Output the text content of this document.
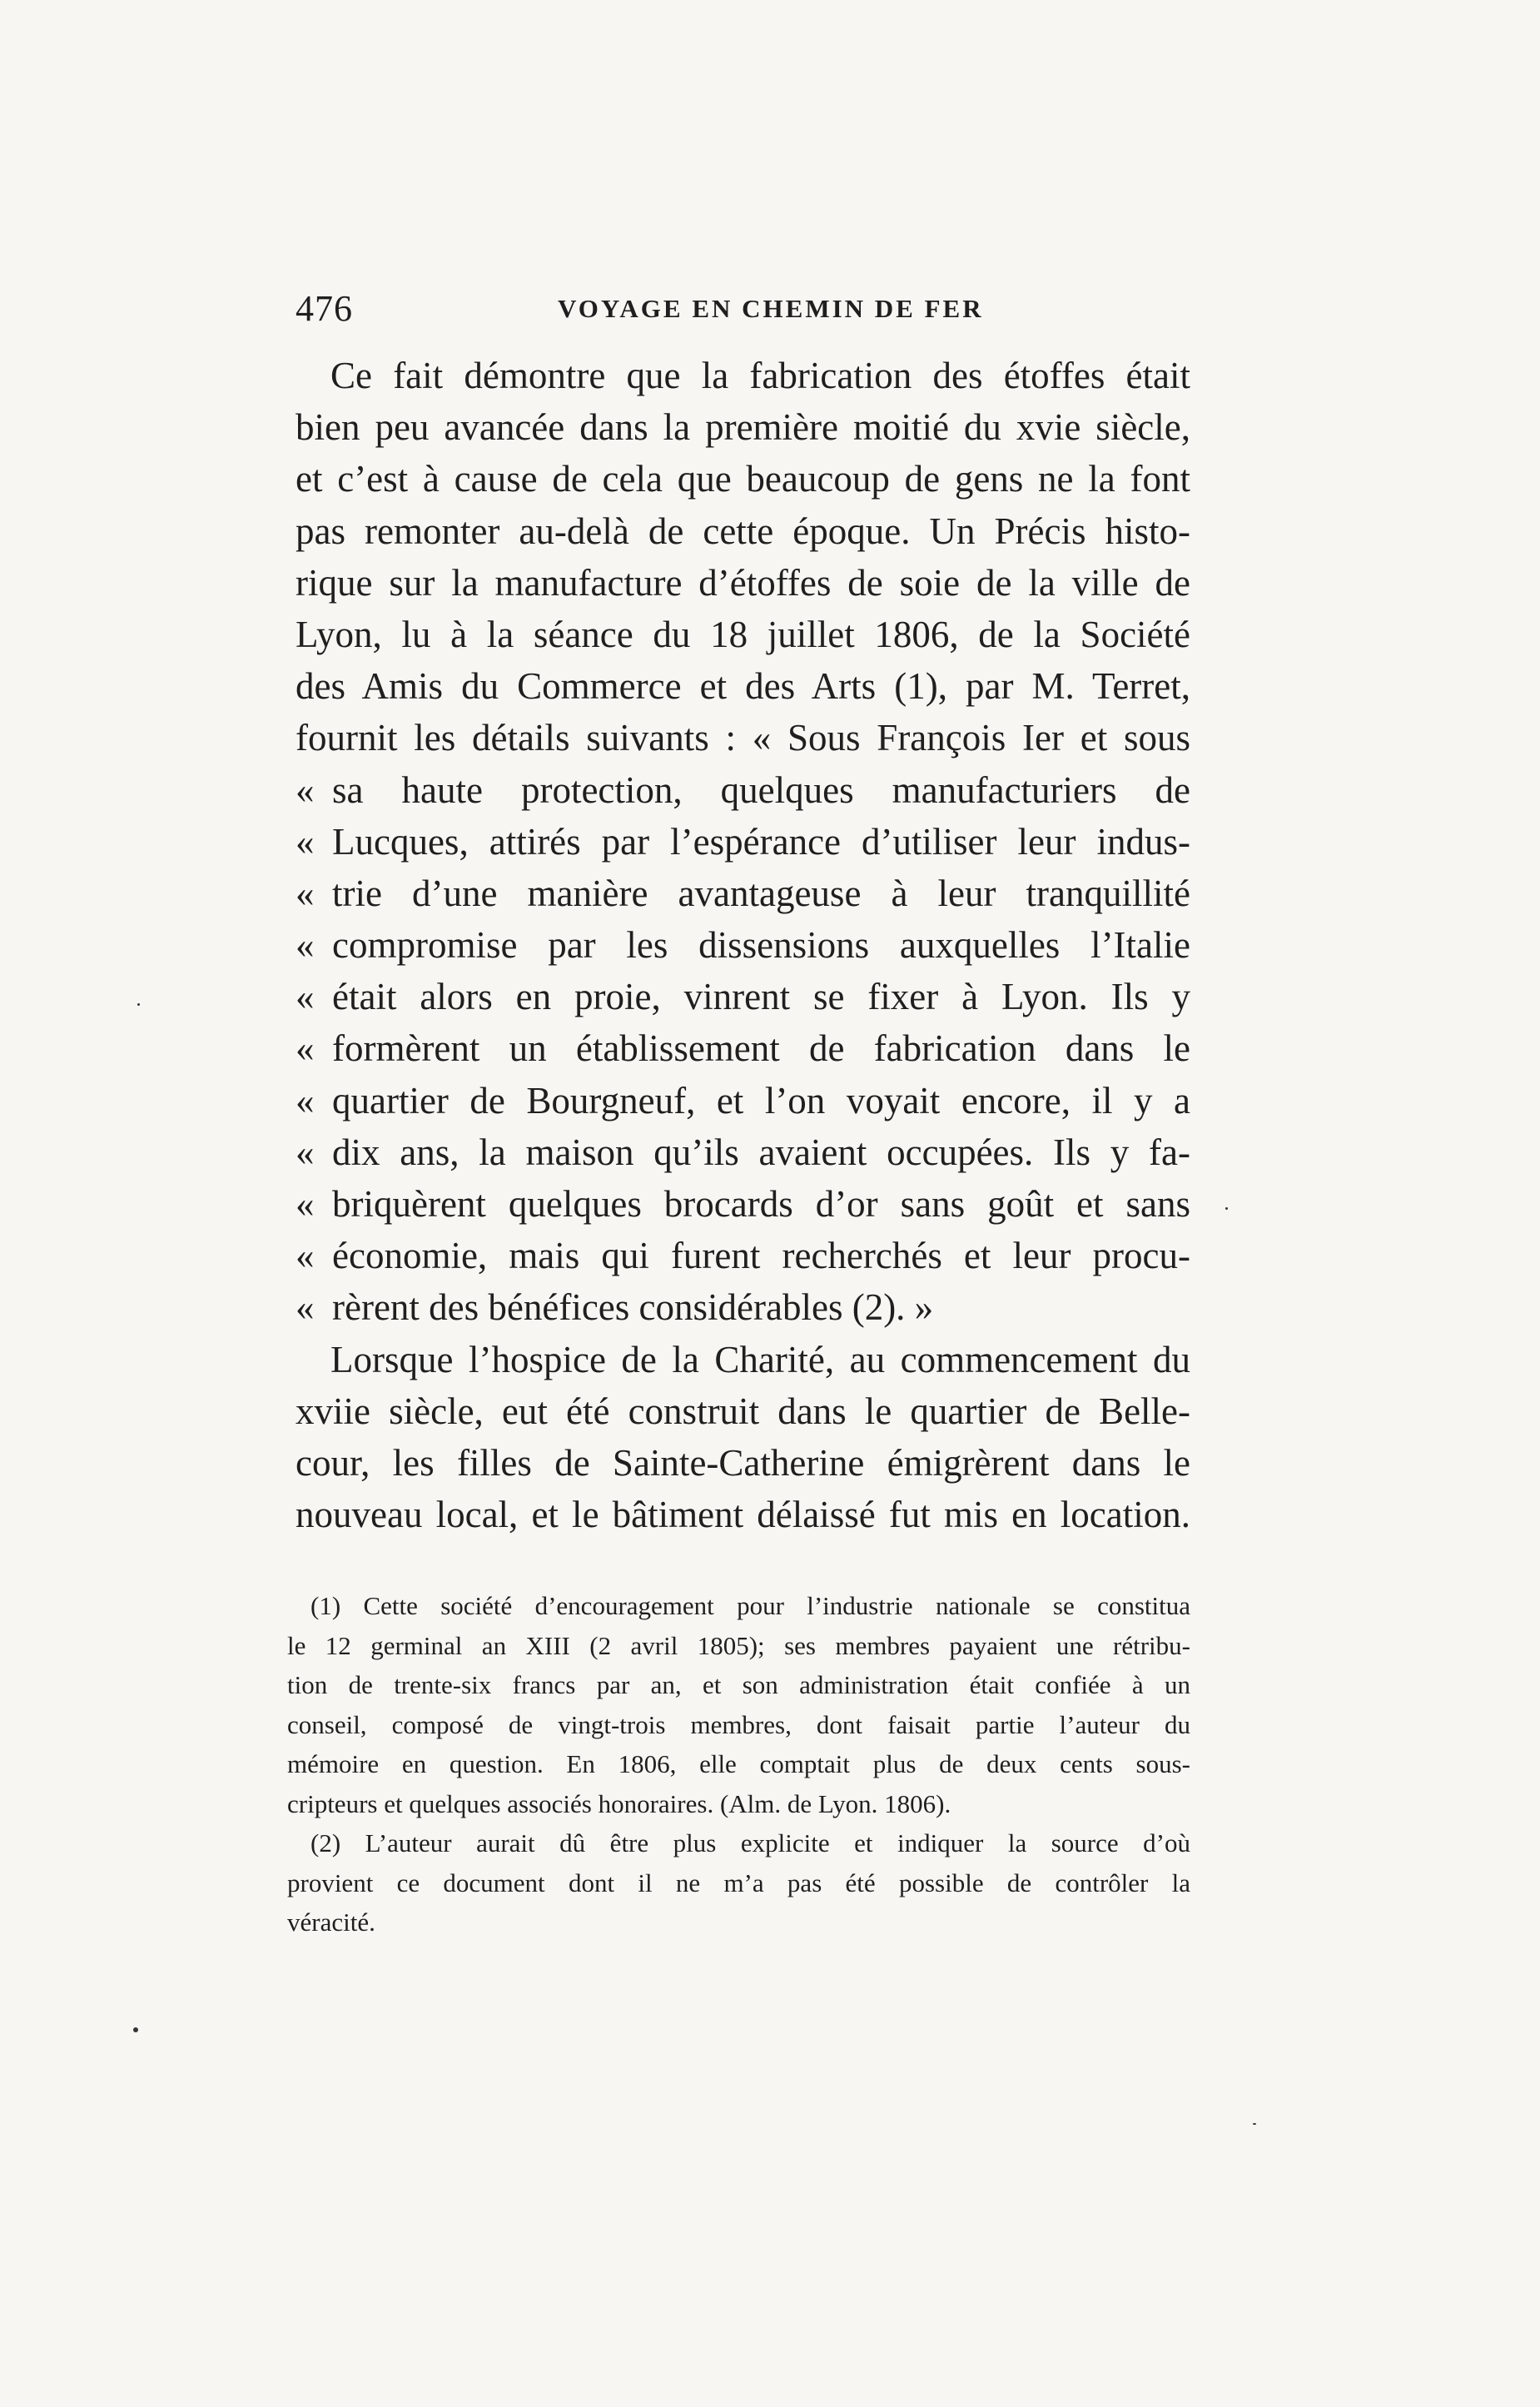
476	VOYAGE EN CHEMIN DE FER
Ce fait démontre que la fabrication des étoffes était
bien peu avancée dans la première moitié du xvie siècle,
et c’est à cause de cela que beaucoup de gens ne la font
pas remonter au-delà de cette époque. Un Précis histo-
rique sur la manufacture d’étoffes de soie de la ville de
Lyon, lu à la séance du 18 juillet 1806, de la Société
des Amis du Commerce et des Arts (1), par M. Terret,
fournit les détails suivants : « Sous François Ier et sous
« sa haute protection, quelques manufacturiers de
« Lucques, attirés par l’espérance d’utiliser leur indus-
« trie d’une manière avantageuse à leur tranquillité
« compromise par les dissensions auxquelles l’Italie
« était alors en proie, vinrent se fixer à Lyon. Ils y
« formèrent un établissement de fabrication dans le
« quartier de Bourgneuf, et l’on voyait encore, il y a
« dix ans, la maison qu’ils avaient occupées. Ils y fa-
« briquèrent quelques brocards d’or sans goût et sans
« économie, mais qui furent recherchés et leur procu-
« rèrent des bénéfices considérables (2). »
Lorsque l’hospice de la Charité, au commencement du
xviie siècle, eut été construit dans le quartier de Belle-
cour, les filles de Sainte-Catherine émigrèrent dans le
nouveau local, et le bâtiment délaissé fut mis en location.
(1) Cette société d’encouragement pour l’industrie nationale se constitua
le 12 germinal an XIII (2 avril 1805); ses membres payaient une rétribu-
tion de trente-six francs par an, et son administration était confiée à un
conseil, composé de vingt-trois membres, dont faisait partie l’auteur du
mémoire en question. En 1806, elle comptait plus de deux cents sous-
cripteurs et quelques associés honoraires. (Alm. de Lyon. 1806).
(2) L’auteur aurait dû être plus explicite et indiquer la source d’où
provient ce document dont il ne m’a pas été possible de contrôler la
véracité.
